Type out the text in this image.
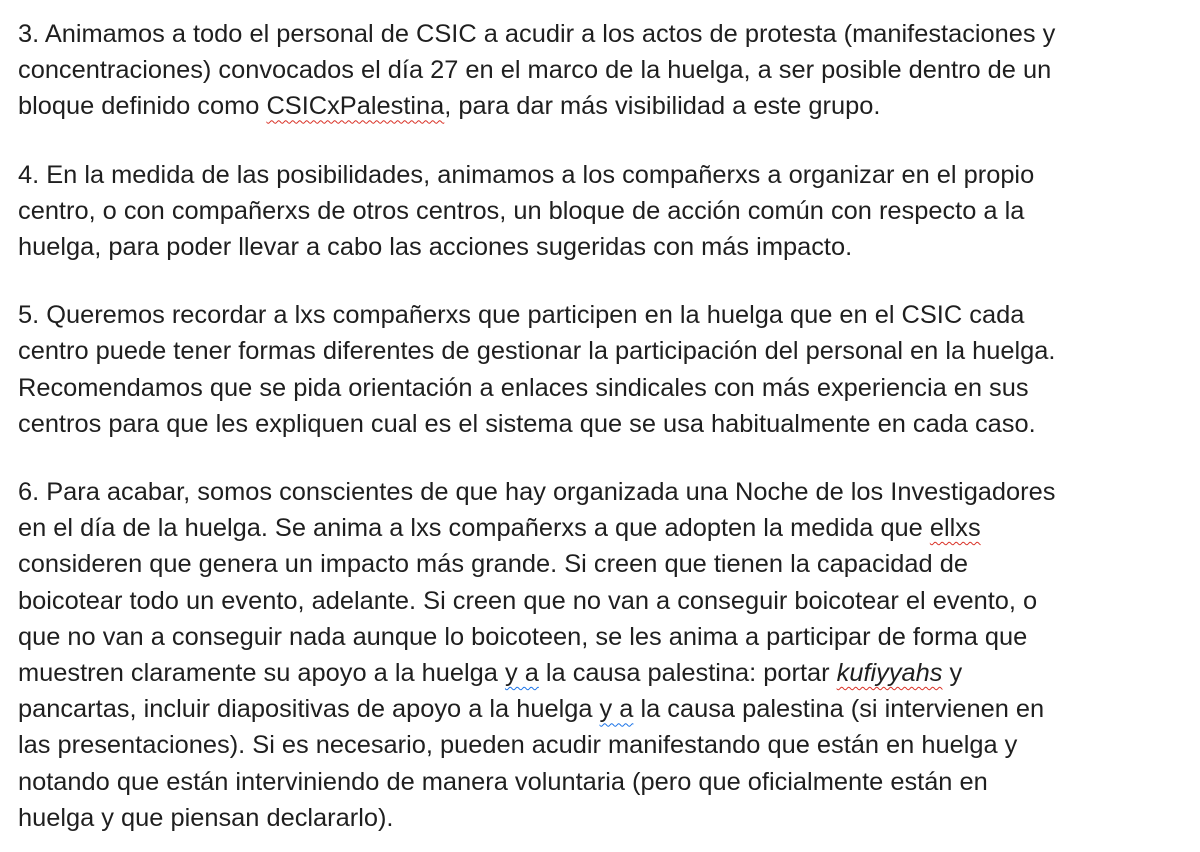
3. Animamos a todo el personal de CSIC a acudir a los actos de protesta (manifestaciones y
concentraciones) convocados el día 27 en el marco de la huelga, a ser posible dentro de un
bloque definido como CSICxPalestina, para dar más visibilidad a este grupo.

4. En la medida de las posibilidades, animamos a los compañerxs a organizar en el propio
centro, o con compañerxs de otros centros, un bloque de acción común con respecto a la
huelga, para poder llevar a cabo las acciones sugeridas con más impacto.

5. Queremos recordar a lxs compañerxs que participen en la huelga que en el CSIC cada
centro puede tener formas diferentes de gestionar la participación del personal en la huelga.
Recomendamos que se pida orientación a enlaces sindicales con más experiencia en sus
centros para que les expliquen cual es el sistema que se usa habitualmente en cada caso.

6. Para acabar, somos conscientes de que hay organizada una Noche de los Investigadores
en el día de la huelga. Se anima a lxs compañerxs a que adopten la medida que ellxs
consideren que genera un impacto más grande. Si creen que tienen la capacidad de
boicotear todo un evento, adelante. Si creen que no van a conseguir boicotear el evento, o
que no van a conseguir nada aunque lo boicoteen, se les anima a participar de forma que
muestren claramente su apoyo a la huelga y a la causa palestina: portar kufiyyahs y
pancartas, incluir diapositivas de apoyo a la huelga y a la causa palestina (si intervienen en
las presentaciones). Si es necesario, pueden acudir manifestando que están en huelga y
notando que están interviniendo de manera voluntaria (pero que oficialmente están en
huelga y que piensan declararlo).
